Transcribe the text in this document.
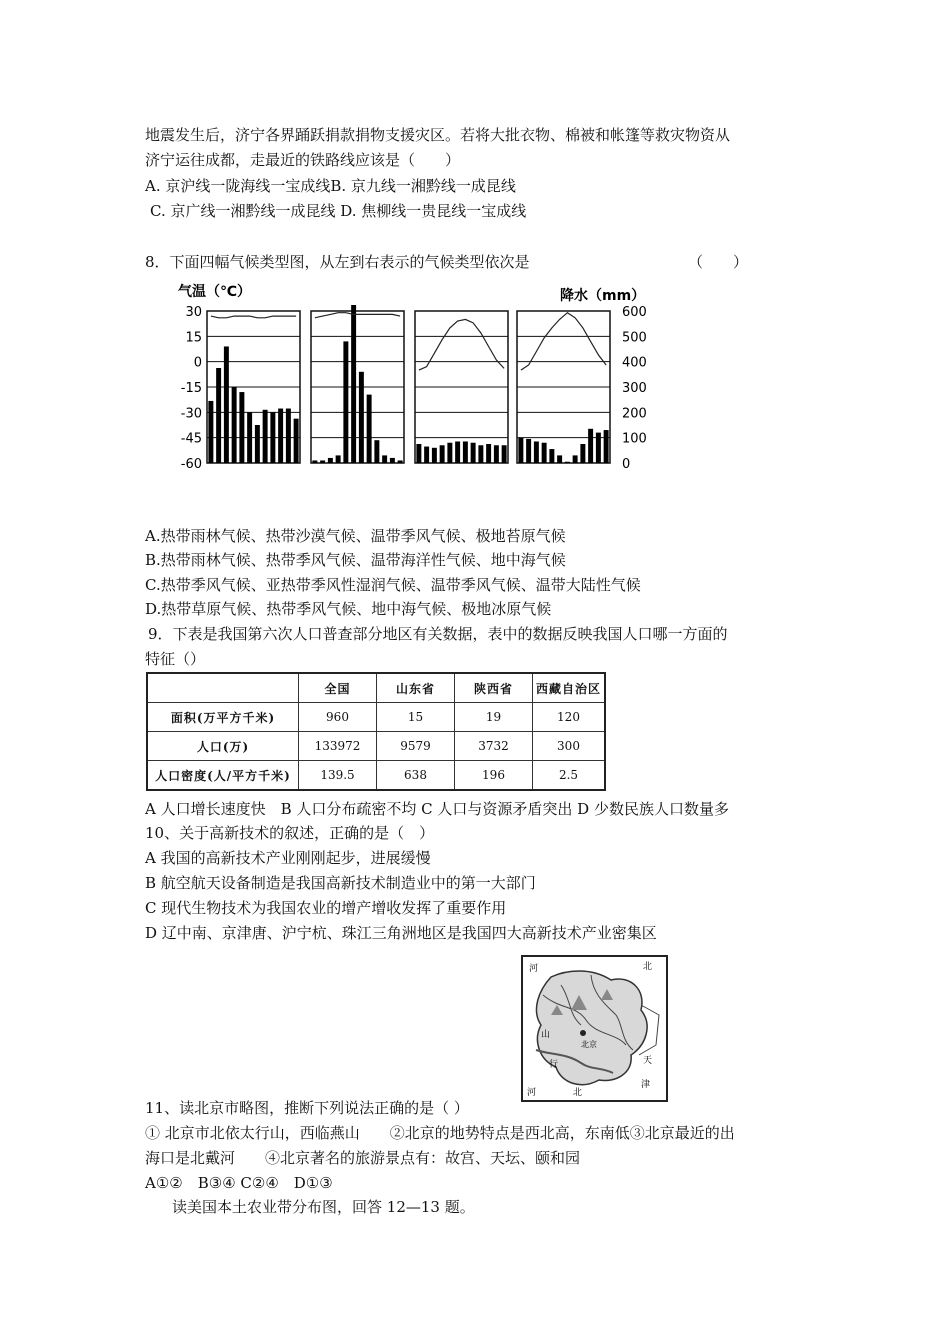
地震发生后，济宁各界踊跃捐款捐物支援灾区。若将大批衣物、棉被和帐篷等救灾物资从
济宁运往成都，走最近的铁路线应该是（　　）
A. 京沪线一陇海线一宝成线B. 京九线一湘黔线一成昆线
C. 京广线一湘黔线一成昆线 D. 焦柳线一贵昆线一宝成线
8．下面四幅气候类型图，从左到右表示的气候类型依次是	（　　）
气温（℃）	降水（mm）
30
15
0
-15
-30
-45
-60
600
500
400
300
200
100
0
A.热带雨林气候、热带沙漠气候、温带季风气候、极地苔原气候
B.热带雨林气候、热带季风气候、温带海洋性气候、地中海气候
C.热带季风气候、亚热带季风性湿润气候、温带季风气候、温带大陆性气候
D.热带草原气候、热带季风气候、地中海气候、极地冰原气候
9．下表是我国第六次人口普查部分地区有关数据，表中的数据反映我国人口哪一方面的
特征（）
	全国	山东省	陕西省	西藏自治区
面积(万平方千米)	960	15	19	120
人口(万)	133972	9579	3732	300
人口密度(人/平方千米)	139.5	638	196	2.5
A 人口增长速度快　B 人口分布疏密不均 C 人口与资源矛盾突出 D 少数民族人口数量多
10、关于高新技术的叙述，正确的是（　）
A 我国的高新技术产业刚刚起步，进展缓慢
B 航空航天设备制造是我国高新技术制造业中的第一大部门
C 现代生物技术为我国农业的增产增收发挥了重要作用
D 辽中南、京津唐、沪宁杭、珠江三角洲地区是我国四大高新技术产业密集区
河	北
北京
天
津
山
行
河	北
11、读北京市略图，推断下列说法正确的是（ ）
① 北京市北依太行山，西临燕山　　②北京的地势特点是西北高，东南低③北京最近的出
海口是北戴河　　④北京著名的旅游景点有：故宫、天坛、颐和园
A①②　B③④ C②④　D①③
读美国本土农业带分布图，回答 12—13 题。
